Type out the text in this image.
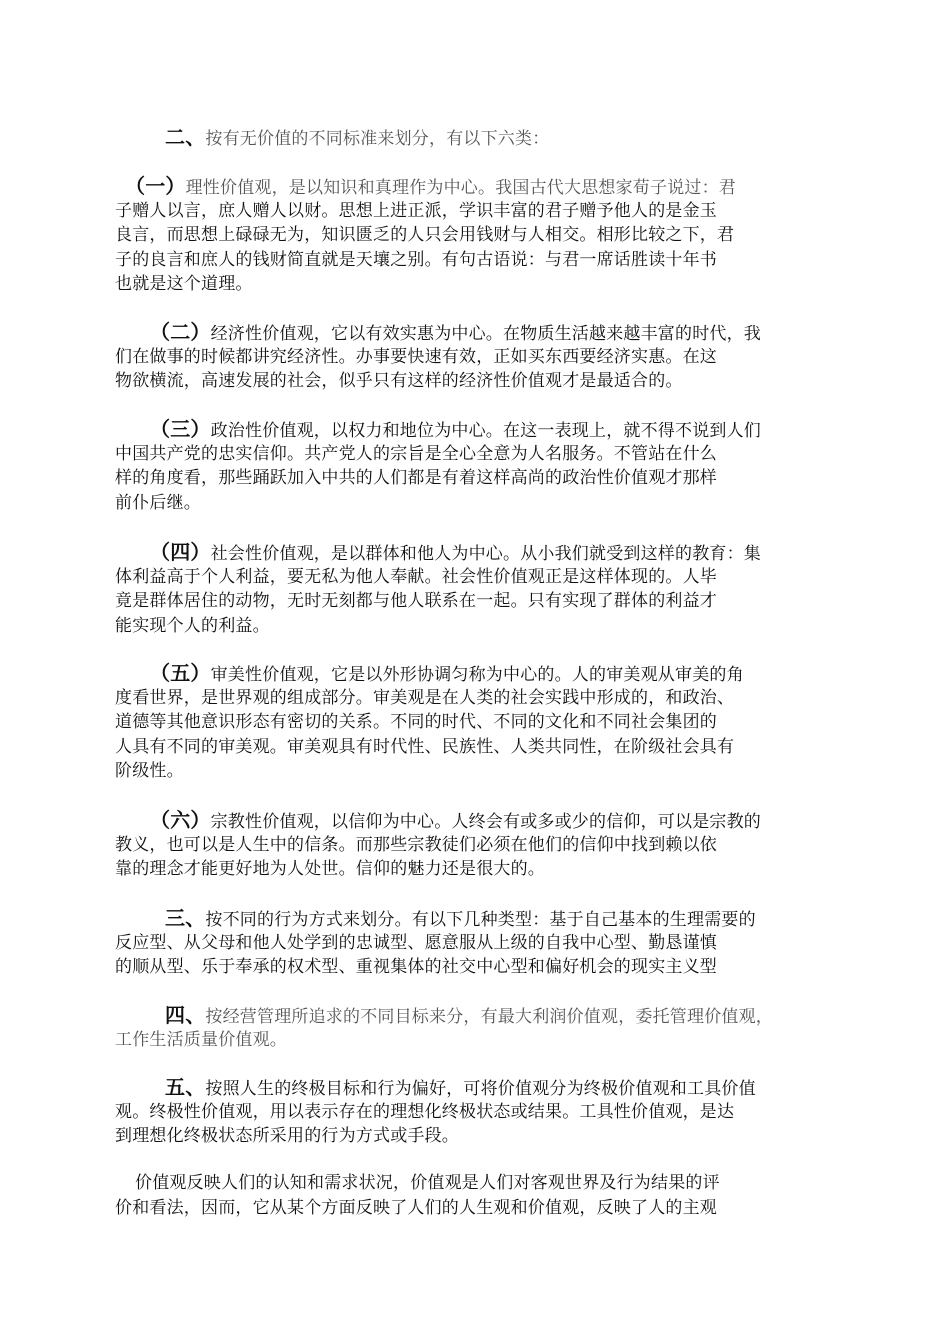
二、按有无价值的不同标准来划分，有以下六类：
（一）理性价值观，是以知识和真理作为中心。我国古代大思想家荀子说过：君
子赠人以言，庶人赠人以财。思想上进正派，学识丰富的君子赠予他人的是金玉
良言，而思想上碌碌无为，知识匮乏的人只会用钱财与人相交。相形比较之下，君
子的良言和庶人的钱财简直就是天壤之别。有句古语说：与君一席话胜读十年书
也就是这个道理。
（二）经济性价值观，它以有效实惠为中心。在物质生活越来越丰富的时代，我
们在做事的时候都讲究经济性。办事要快速有效，正如买东西要经济实惠。在这
物欲横流，高速发展的社会，似乎只有这样的经济性价值观才是最适合的。
（三）政治性价值观，以权力和地位为中心。在这一表现上，就不得不说到人们
中国共产党的忠实信仰。共产党人的宗旨是全心全意为人名服务。不管站在什么
样的角度看，那些踊跃加入中共的人们都是有着这样高尚的政治性价值观才那样
前仆后继。
（四）社会性价值观，是以群体和他人为中心。从小我们就受到这样的教育：集
体利益高于个人利益，要无私为他人奉献。社会性价值观正是这样体现的。人毕
竟是群体居住的动物，无时无刻都与他人联系在一起。只有实现了群体的利益才
能实现个人的利益。
（五）审美性价值观，它是以外形协调匀称为中心的。人的审美观从审美的角
度看世界，是世界观的组成部分。审美观是在人类的社会实践中形成的，和政治、
道德等其他意识形态有密切的关系。不同的时代、不同的文化和不同社会集团的
人具有不同的审美观。审美观具有时代性、民族性、人类共同性，在阶级社会具有
阶级性。
（六）宗教性价值观，以信仰为中心。人终会有或多或少的信仰，可以是宗教的
教义，也可以是人生中的信条。而那些宗教徒们必须在他们的信仰中找到赖以依
靠的理念才能更好地为人处世。信仰的魅力还是很大的。
三、按不同的行为方式来划分。有以下几种类型：基于自己基本的生理需要的
反应型、从父母和他人处学到的忠诚型、愿意服从上级的自我中心型、勤恳谨慎
的顺从型、乐于奉承的权术型、重视集体的社交中心型和偏好机会的现实主义型
四、按经营管理所追求的不同目标来分，有最大利润价值观，委托管理价值观，
工作生活质量价值观。
五、按照人生的终极目标和行为偏好，可将价值观分为终极价值观和工具价值
观。终极性价值观，用以表示存在的理想化终极状态或结果。工具性价值观，是达
到理想化终极状态所采用的行为方式或手段。
价值观反映人们的认知和需求状况，价值观是人们对客观世界及行为结果的评
价和看法，因而，它从某个方面反映了人们的人生观和价值观，反映了人的主观
